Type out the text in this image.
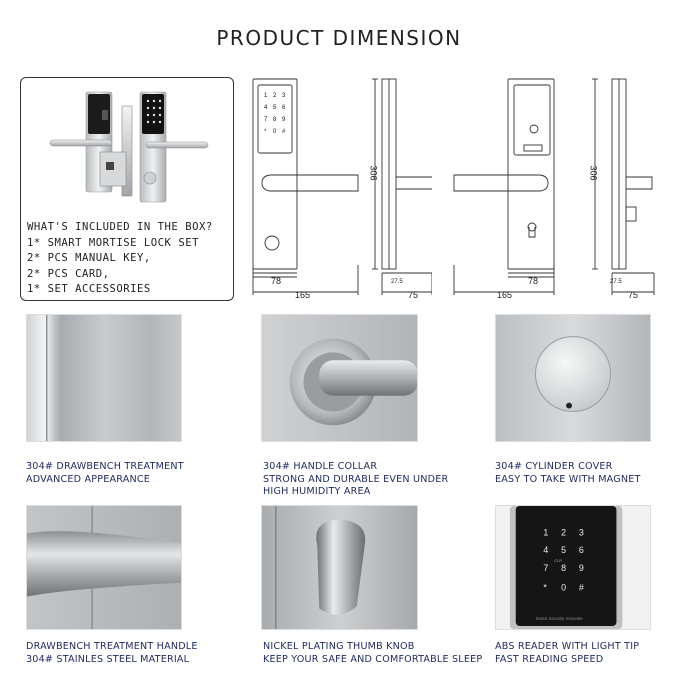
PRODUCT DIMENSION
WHAT'S INCLUDED IN THE BOX?
1* SMART MORTISE LOCK SET
2* PCS MANUAL KEY,
2* PCS CARD,
1* SET ACCESSORIES
1 2 3
4 5 6
7 8 9
* 0 #
78
165
306
27.5
75
78
165
306
27.5
75
304# DRAWBENCH TREATMENT
ADVANCED APPEARANCE
304# HANDLE COLLAR
STRONG AND DURABLE EVEN UNDER
HIGH HUMIDITY AREA
304# CYLINDER COVER
EASY TO TAKE WITH MAGNET
1 2 3
4 5 6
7 8 9
* 0 #
CLR
Smart Security Innovate
DRAWBENCH TREATMENT HANDLE
304# STAINLES STEEL MATERIAL
NICKEL PLATING THUMB KNOB
KEEP YOUR SAFE AND COMFORTABLE SLEEP
ABS READER WITH LIGHT TIP
FAST READING SPEED
